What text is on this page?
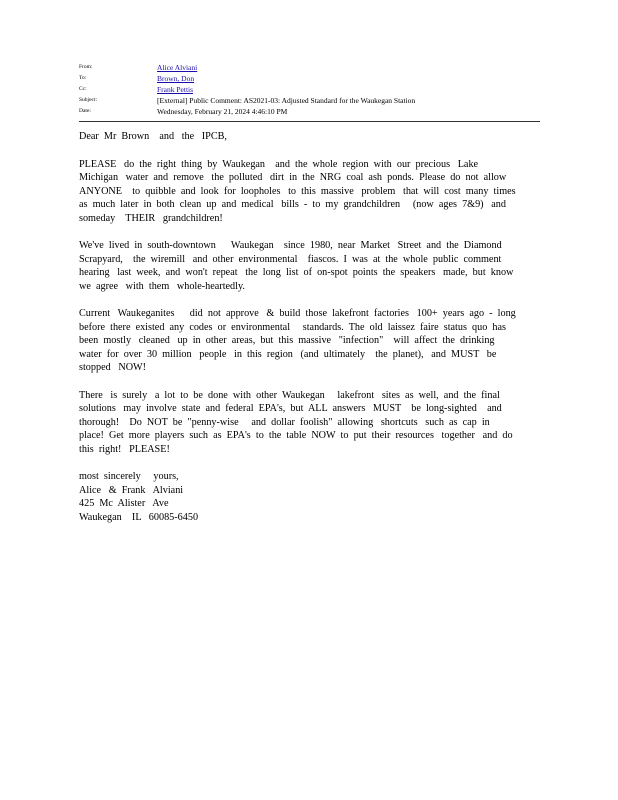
From:	Alice Alviani
To:	Brown, Don
Cc:	Frank Pettis
Subject:	[External] Public Comment: AS2021-03: Adjusted Standard for the Waukegan Station
Date:	Wednesday, February 21, 2024 4:46:10 PM

Dear  Mr  Brown    and   the   IPCB,

PLEASE   do  the  right  thing  by  Waukegan    and  the  whole  region  with  our  precious   Lake
Michigan   water  and  remove   the  polluted   dirt  in  the  NRG  coal  ash  ponds.  Please  do  not  allow
ANYONE    to  quibble  and  look  for  loopholes   to  this  massive   problem   that  will  cost  many  times
as  much  later  in  both  clean  up  and  medical   bills  -  to  my  grandchildren     (now  ages  7&9)   and
someday    THEIR   grandchildren!

We've  lived  in  south-downtown      Waukegan    since  1980,  near  Market   Street  and  the  Diamond
Scrapyard,    the  wiremill   and  other  environmental    fiascos.  I  was  at  the  whole  public  comment
hearing   last  week,  and  won't  repeat   the  long  list  of  on-spot  points  the  speakers   made,  but  know
we  agree   with  them   whole-heartedly.

Current   Waukeganites      did  not  approve   &  build  those  lakefront  factories   100+  years  ago  -  long
before  there  existed  any  codes  or  environmental     standards.  The  old  laissez  faire  status  quo  has
been  mostly   cleaned   up  in  other  areas,  but  this  massive   "infection"    will  affect  the  drinking
water  for  over  30  million   people   in  this  region   (and  ultimately    the  planet),   and  MUST   be
stopped   NOW!

There   is  surely   a  lot  to  be  done  with  other  Waukegan     lakefront   sites  as  well,  and  the  final
solutions   may  involve  state  and  federal  EPA's,  but  ALL  answers   MUST    be  long-sighted    and
thorough!    Do  NOT  be  "penny-wise     and  dollar  foolish"  allowing   shortcuts   such  as  cap  in
place!  Get  more  players  such  as  EPA's  to  the  table  NOW  to  put  their  resources   together   and  do
this  right!   PLEASE!

most  sincerely     yours,
Alice   &  Frank   Alviani
425  Mc  Alister   Ave
Waukegan    IL   60085-6450
